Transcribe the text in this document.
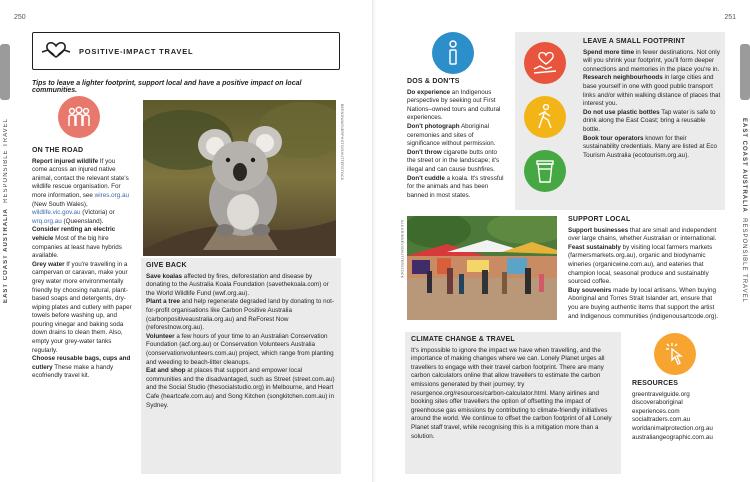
250
EAST COAST AUSTRALIA  RESPONSIBLE TRAVEL
POSITIVE-IMPACT TRAVEL
Tips to leave a lighter footprint, support local and have a positive impact on local communities.
ON THE ROAD

Report injured wildlife If you come across an injured native animal, contact the relevant state's wildlife rescue organisation. For more information, see wires.org.au (New South Wales), wildlife.vic.gov.au (Victoria) or wrq.org.au (Queensland).

Consider renting an electric vehicle Most of the big hire companies at least have hybrids available.

Grey water If you're travelling in a campervan or caravan, make your grey water more environmentally friendly by choosing natural, plant-based soaps and detergents, dry-wiping plates and cutlery with paper towels before washing up, and pouring vinegar and baking soda down drains to clean them. Also, empty your grey-water tanks regularly.

Choose reusable bags, cups and cutlery These make a handy ecofriendly travel kit.

BERNDWAGNERPHOTO/SHUTTERSTOCK
GIVE BACK

Save koalas affected by fires, deforestation and disease by donating to the Australia Koala Foundation (savethekoala.com) or the World Wildlife Fund (wwf.org.au).

Plant a tree and help regenerate degraded land by donating to not-for-profit organisations like Carbon Positive Australia (carbonpositiveaustralia.org.au) and ReForest Now (reforestnow.org.au).

Volunteer a few hours of your time to an Australian Conservation Foundation (acf.org.au) or Conservation Volunteers Australia (conservationvolunteers.com.au) project, which range from planting and weeding to beach-litter cleanups.

Eat and shop at places that support and empower local communities and the disadvantaged, such as Street (street.com.au) and the Social Studio (thesocialstudio.org) in Melbourne, and Heart Cafe (heartcafe.com.au) and Song Kitchen (songkitchen.com.au) in Sydney.

251
EAST COAST AUSTRALIA  RESPONSIBLE TRAVEL
DOS & DON'TS

Do experience an Indigenous perspective by seeking out First Nations–owned tours and cultural experiences.

Don't photograph Aboriginal ceremonies and sites of significance without permission.

Don't throw cigarette butts onto the street or in the landscape; it's illegal and can cause bushfires.

Don't cuddle a koala. It's stressful for the animals and has been banned in most states.

LEAVE A SMALL FOOTPRINT

Spend more time in fewer destinations. Not only will you shrink your footprint, you'll form deeper connections and memories in the place you're in.

Research neighbourhoods in large cities and base yourself in one with good public transport links and/or within walking distance of places that interest you.

Do not use plastic bottles Tap water is safe to drink along the East Coast; bring a reusable bottle.

Book tour operators known for their sustainability credentials. Many are listed at Eco Tourism Australia (ecotourism.org.au).

ILIA KRIMNEV/SHUTTERSTOCK
SUPPORT LOCAL

Support businesses that are small and independent over large chains, whether Australian or international.

Feast sustainably by visiting local farmers markets (farmersmarkets.org.au), organic and biodynamic wineries (organicwine.com.au), and eateries that champion local, seasonal produce and sustainably sourced coffee.

Buy souvenirs made by local artisans. When buying Aboriginal and Torres Strait Islander art, ensure that you are buying authentic items that support the artist and Indigenous communities (indigenousartcode.org).

CLIMATE CHANGE & TRAVEL

It's impossible to ignore the impact we have when travelling, and the importance of making changes where we can. Lonely Planet urges all travellers to engage with their travel carbon footprint. There are many carbon calculators online that allow travellers to estimate the carbon emissions generated by their journey; try resurgence.org/resources/carbon-calculator.html. Many airlines and booking sites offer travellers the option of offsetting the impact of greenhouse gas emissions by contributing to climate-friendly initiatives around the world. We continue to offset the carbon footprint of all Lonely Planet staff travel, while recognising this is a mitigation more than a solution.

RESOURCES
greentravelguide.org
discoveraboriginal
experiences.com
socialtraders.com.au
worldanimalprotection.org.au
australiangeographic.com.au
